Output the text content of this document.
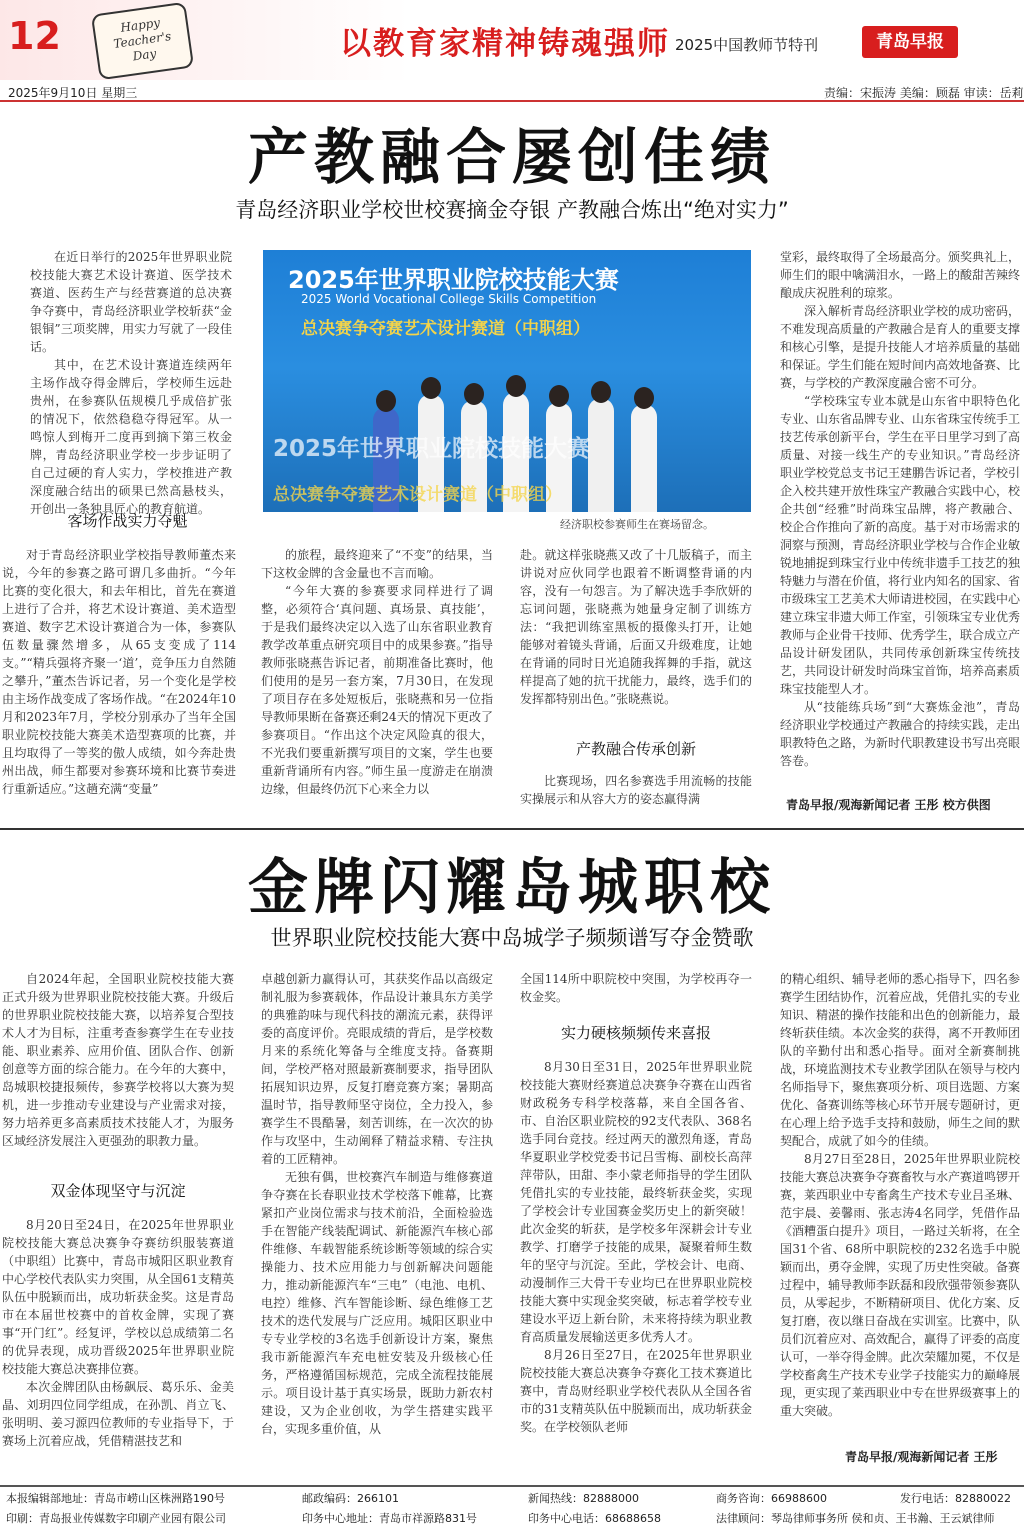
12	Happy
Teacher's
Day	以教育家精神铸魂强师 2025中国教师节特刊	青岛早报
2025年9月10日 星期三	责编：宋振涛 美编：顾磊 审读：岳莉
产教融合屡创佳绩
青岛经济职业学校世校赛摘金夺银 产教融合炼出“绝对实力”

在近日举行的2025年世界职业院校技能大赛艺术设计赛道、医学技术赛道、医药生产与经营赛道的总决赛争夺赛中，青岛经济职业学校斩获“金银铜”三项奖牌，用实力写就了一段佳话。

其中，在艺术设计赛道连续两年主场作战夺得金牌后，学校师生远赴贵州，在参赛队伍规模几乎成倍扩张的情况下，依然稳稳夺得冠军。从一鸣惊人到梅开二度再到摘下第三枚金牌，青岛经济职业学校一步步证明了自己过硬的育人实力，学校推进产教深度融合结出的硕果已然高悬枝头，开创出一条独具匠心的教育航道。

客场作战实力夺魁

对于青岛经济职业学校指导教师董杰来说，今年的参赛之路可谓几多曲折。“今年比赛的变化很大，和去年相比，首先在赛道上进行了合并，将艺术设计赛道、美术造型赛道、数字艺术设计赛道合为一体，参赛队伍数量骤然增多，从65支变成了114支。”“精兵强将齐聚一‘道’，竞争压力自然随之攀升，”董杰告诉记者，另一个变化是学校由主场作战变成了客场作战。“在2024年10月和2023年7月，学校分别承办了当年全国职业院校技能大赛美术造型赛项的比赛，并且均取得了一等奖的傲人成绩，如今奔赴贵州出战，师生都要对参赛环境和比赛节奏进行重新适应。”这趟充满“变量”

2025年世界职业院校技能大赛
2025 World Vocational College Skills Competition
总决赛争夺赛艺术设计赛道（中职组）
2025年世界职业院校技能大赛
总决赛争夺赛艺术设计赛道（中职组）
经济职校参赛师生在赛场留念。

的旅程，最终迎来了“不变”的结果，当下这枚金牌的含金量也不言而喻。

“今年大赛的参赛要求同样进行了调整，必须符合‘真问题、真场景、真技能’，于是我们最终决定以入选了山东省职业教育教学改革重点研究项目中的成果参赛。”指导教师张晓燕告诉记者，前期准备比赛时，他们使用的是另一套方案，7月30日，在发现了项目存在多处短板后，张晓燕和另一位指导教师果断在备赛还剩24天的情况下更改了参赛项目。“作出这个决定风险真的很大，不光我们要重新撰写项目的文案，学生也要重新背诵所有内容。”师生虽一度游走在崩溃边缘，但最终仍沉下心来全力以

赴。就这样张晓燕又改了十几版稿子，而主讲说对应伙同学也跟着不断调整背诵的内容，没有一句怨言。为了解决选手李欣妍的忘词问题，张晓燕为她量身定制了训练方法：“我把训练室黑板的摄像头打开，让她能够对着镜头背诵，后面又升级难度，让她在背诵的同时日光追随我挥舞的手指，就这样提高了她的抗干扰能力，最终，选手们的发挥都特别出色。”张晓燕说。

产教融合传承创新

比赛现场，四名参赛选手用流畅的技能实操展示和从容大方的姿态赢得满

堂彩，最终取得了全场最高分。颁奖典礼上，师生们的眼中噙满泪水，一路上的酸甜苦辣终酿成庆祝胜利的琼浆。

深入解析青岛经济职业学校的成功密码，不难发现高质量的产教融合是育人的重要支撑和核心引擎，是提升技能人才培养质量的基础和保证。学生们能在短时间内高效地备赛、比赛，与学校的产教深度融合密不可分。

“学校珠宝专业本就是山东省中职特色化专业、山东省品牌专业、山东省珠宝传统手工技艺传承创新平台，学生在平日里学习到了高质量、对接一线生产的专业知识。”青岛经济职业学校党总支书记王建鹏告诉记者，学校引企入校共建开放性珠宝产教融合实践中心，校企共创“经雅”时尚珠宝品牌，将产教融合、校企合作推向了新的高度。基于对市场需求的洞察与预测，青岛经济职业学校与合作企业敏锐地捕捉到珠宝行业中传统非遗手工技艺的独特魅力与潜在价值，将行业内知名的国家、省市级珠宝工艺美术大师请进校园，在实践中心建立珠宝非遗大师工作室，引领珠宝专业优秀教师与企业骨干技师、优秀学生，联合成立产品设计研发团队，共同传承创新珠宝传统技艺，共同设计研发时尚珠宝首饰，培养高素质珠宝技能型人才。

从“技能练兵场”到“大赛炼金池”，青岛经济职业学校通过产教融合的持续实践，走出职教特色之路，为新时代职教建设书写出亮眼答卷。

青岛早报/观海新闻记者 王彤 校方供图
金牌闪耀岛城职校
世界职业院校技能大赛中岛城学子频频谱写夺金赞歌

自2024年起，全国职业院校技能大赛正式升级为世界职业院校技能大赛。升级后的世界职业院校技能大赛，以培养复合型技术人才为目标，注重考查参赛学生在专业技能、职业素养、应用价值、团队合作、创新创意等方面的综合能力。在今年的大赛中，岛城职校捷报频传，参赛学校将以大赛为契机，进一步推动专业建设与产业需求对接，努力培养更多高素质技术技能人才，为服务区域经济发展注入更强劲的职教力量。

双金体现坚守与沉淀

8月20日至24日，在2025年世界职业院校技能大赛总决赛争夺赛纺织服装赛道（中职组）比赛中，青岛市城阳区职业教育中心学校代表队实力突围，从全国61支精英队伍中脱颖而出，成功斩获金奖。这是青岛市在本届世校赛中的首枚金牌，实现了赛事“开门红”。经复评，学校以总成绩第二名的优异表现，成功晋级2025年世界职业院校技能大赛总决赛排位赛。

本次金牌团队由杨飙辰、葛乐乐、金美晶、刘玥四位同学组成，在孙凯、肖立飞、张明明、姜习源四位教师的专业指导下，于赛场上沉着应战，凭借精湛技艺和

卓越创新力赢得认可，其获奖作品以高级定制礼服为参赛载体，作品设计兼具东方美学的典雅韵味与现代科技的潮流元素，获得评委的高度评价。亮眼成绩的背后，是学校数月来的系统化筹备与全维度支持。备赛期间，学校严格对照最新赛制要求，指导团队拓展知识边界，反复打磨竞赛方案；暑期高温时节，指导教师坚守岗位，全力投入，参赛学生不畏酷暑，刻苦训练，在一次次的协作与攻坚中，生动阐释了精益求精、专注执着的工匠精神。

无独有偶，世校赛汽车制造与维修赛道争夺赛在长春职业技术学校落下帷幕，比赛紧扣产业岗位需求与技术前沿，全面检验选手在智能产线装配调试、新能源汽车核心部件维修、车载智能系统诊断等领域的综合实操能力、技术应用能力与创新解决问题能力，推动新能源汽车“三电”（电池、电机、电控）维修、汽车智能诊断、绿色维修工艺技术的迭代发展与广泛应用。城阳区职业中专专业学校的3名选手创新设计方案，聚焦我市新能源汽车充电桩安装及升级核心任务，严格遵循国标规范，完成全流程技能展示。项目设计基于真实场景，既助力新农村建设，又为企业创收，为学生搭建实践平台，实现多重价值，从

全国114所中职院校中突围，为学校再夺一枚金奖。

实力硬核频频传来喜报

8月30日至31日，2025年世界职业院校技能大赛财经赛道总决赛争夺赛在山西省财政税务专科学校落幕，来自全国各省、市、自治区职业院校的92支代表队、368名选手同台竞技。经过两天的激烈角逐，青岛华夏职业学校党委书记吕雪梅、副校长高萍萍带队，田甜、李小蒙老师指导的学生团队凭借扎实的专业技能，最终斩获金奖，实现了学校会计专业国赛金奖历史上的新突破！此次金奖的斩获，是学校多年深耕会计专业教学、打磨学子技能的成果，凝聚着师生数年的坚守与沉淀。至此，学校会计、电商、动漫制作三大骨干专业均已在世界职业院校技能大赛中实现金奖突破，标志着学校专业建设水平迈上新台阶，未来将持续为职业教育高质量发展输送更多优秀人才。

8月26日至27日，在2025年世界职业院校技能大赛总决赛争夺赛化工技术赛道比赛中，青岛财经职业学校代表队从全国各省市的31支精英队伍中脱颖而出，成功斩获金奖。在学校领队老师

的精心组织、辅导老师的悉心指导下，四名参赛学生团结协作，沉着应战，凭借扎实的专业知识、精湛的操作技能和出色的创新能力，最终斩获佳绩。本次金奖的获得，离不开教师团队的辛勤付出和悉心指导。面对全新赛制挑战，环境监测技术专业教学团队在领导与校内名师指导下，聚焦赛项分析、项目选题、方案优化、备赛训练等核心环节开展专题研讨，更在心理上给予选手支持和鼓励，师生之间的默契配合，成就了如今的佳绩。

8月27日至28日，2025年世界职业院校技能大赛总决赛争夺赛畜牧与水产赛道鸣锣开赛，莱西职业中专畜禽生产技术专业吕圣琳、范宇晨、姜馨雨、张志涛4名同学，凭借作品《酒糟蛋白提升》项目，一路过关斩将，在全国31个省、68所中职院校的232名选手中脱颖而出，勇夺金牌，实现了历史性突破。备赛过程中，辅导教师李跃磊和段欣强带领参赛队员，从零起步，不断精研项目、优化方案、反复打磨，夜以继日奋战在实训室。比赛中，队员们沉着应对、高效配合，赢得了评委的高度认可，一举夺得金牌。此次荣耀加冕，不仅是学校畜禽生产技术专业学子技能实力的巅峰展现，更实现了莱西职业中专在世界级赛事上的重大突破。

青岛早报/观海新闻记者 王彤
本报编辑部地址：青岛市崂山区株洲路190号	邮政编码：266101	新闻热线：82888000	商务咨询：66988600	发行电话：82880022
印刷：青岛报业传媒数字印刷产业园有限公司	印务中心地址：青岛市祥源路831号	印务中心电话：68688658	法律顾问：琴岛律师事务所 侯和贞、王书瀚、王云斌律师
